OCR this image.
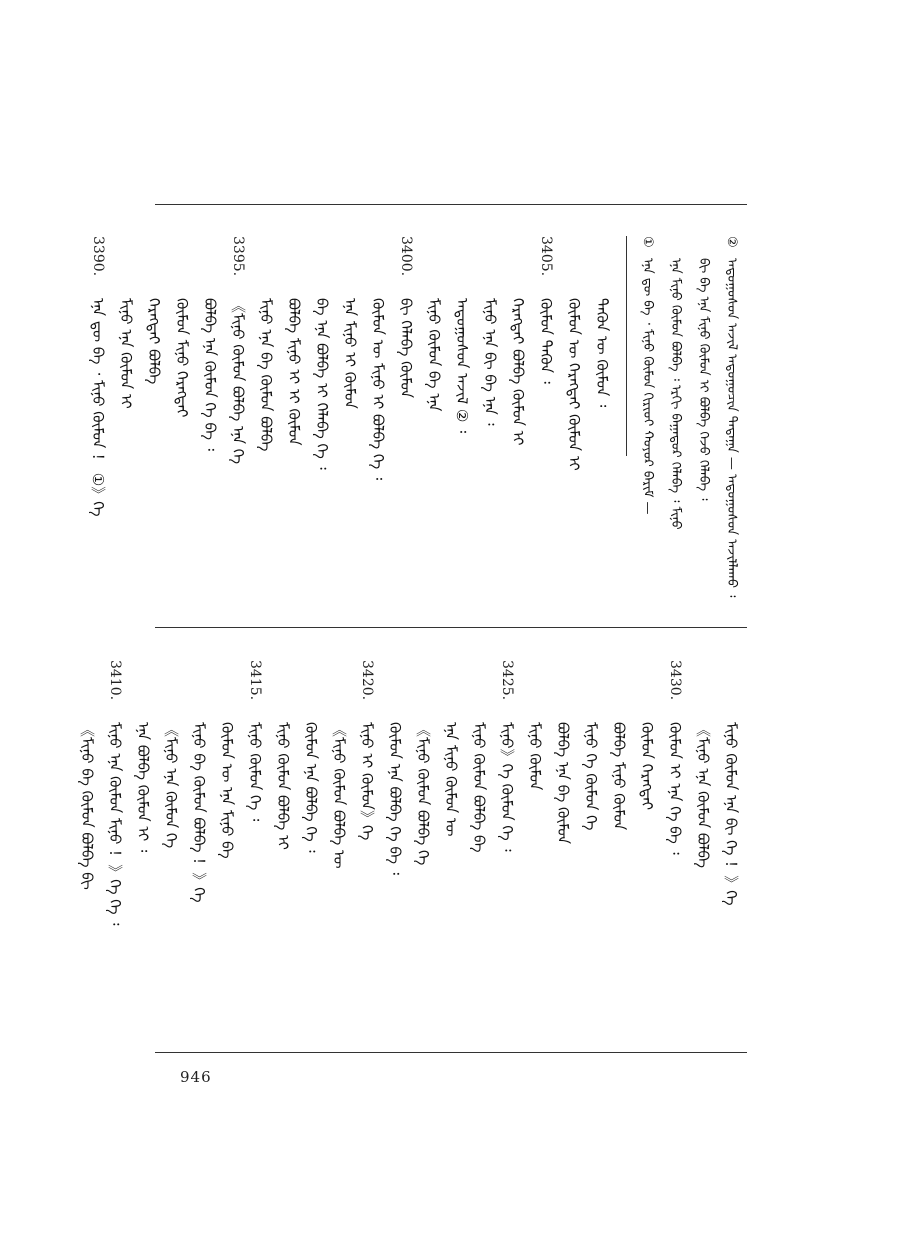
②ᠠᠳᠤᠭᠤᠰᠤᠨ ᠠᠵᠢᠯ ᠠᠳᠤᠭᠤᠴᠢᠨ ᠲᠠᠲᠠᠭᠠ — ᠠᠳᠤᠭᠤᠰᠤᠨ ᠠᠵᠢᠯᠯᠠᠬᠤ ᠄
ᠪᠢ ᠪᠡ ᠡᠨᠡ ᠮᠢᠨᠤ ᠬᠦᠮᠦᠨ ᠢ ᠪᠣᠯᠪᠠ ᠭᠡᠵᠦ ᠬᠡᠯᠡᠪᠡ ᠄
ᠡᠨᠡ ᠮᠢᠨᠤ ᠬᠦᠮᠦᠨ ᠪᠣᠯᠪᠠ ᠄ ᠡᠷᠬᠢ ᠪᠠᠭᠠᠲᠤᠷ ᠬᠡᠯᠡᠪᠡ ᠄ ᠮᠢᠨᠤ
①ᠡᠨᠡ ᠳᠦ ᠪᠠ ᠂ ᠮᠢᠨᠤ ᠬᠦᠮᠦᠨ ᠬᠢᠷᠢᠦᠢ ᠬᠤᠶᠤᠷ ᠪᠠᠷᠢᠮ —
ᠲᠡᠭᠦᠨ ᠦ ᠬᠦᠮᠦᠨ ᠄
ᠬᠦᠮᠦᠨ ᠦ ᠬᠡᠷᠡᠭᠲᠡᠢ ᠬᠦᠮᠦᠨ ᠢ
3405.
ᠬᠦᠮᠦᠨ ᠲᠡᠭᠦᠨ ᠄
ᠬᠡᠷᠡᠭᠲᠡᠢ ᠪᠣᠯᠪᠠ ᠬᠦᠮᠦᠨ ᠢ
ᠮᠢᠨᠤ ᠡᠨᠡ ᠪᠢ ᠪᠠ ᠡᠨᠡ ᠄
ᠠᠳᠤᠭᠤᠰᠤᠨ ᠠᠵᠢᠯ ② ᠄
ᠮᠢᠨᠤ ᠬᠦᠮᠦᠨ ᠪᠠ ᠡᠨᠡ
3400.
ᠪᠢ ᠬᠡᠯᠡᠪᠡ ᠬᠦᠮᠦᠨ
ᠬᠦᠮᠦᠨ ᠦ ᠮᠢᠨᠤ ᠢ ᠪᠣᠯᠪᠠ ᠭᠡ ᠄
ᠡᠨᠡ ᠮᠢᠨᠤ ᠢ ᠬᠦᠮᠦᠨ
ᠪᠠ ᠡᠨᠡ ᠪᠣᠯᠪᠠ ᠢ ᠬᠡᠯᠡᠪᠡ ᠭᠡ ᠄
ᠪᠣᠯᠪᠠ ᠮᠢᠨᠤ ᠢ ᠢ ᠬᠦᠮᠦᠨ
ᠮᠢᠨᠤ ᠡᠨᠡ ᠪᠠ ᠬᠦᠮᠦᠨ ᠪᠣᠯᠪᠠ
3395.
《ᠮᠢᠨᠤ ᠬᠦᠮᠦᠨ ᠪᠣᠯᠪᠠ ᠡᠨᠡ ᠭᠡ
ᠪᠣᠯᠪᠠ ᠡᠨᠡ ᠬᠦᠮᠦᠨ ᠭᠡ ᠪᠠ ᠄
ᠬᠦᠮᠦᠨ ᠮᠢᠨᠤ ᠬᠡᠷᠡᠭᠲᠡᠢ
ᠬᠡᠷᠡᠭᠲᠡᠢ ᠪᠣᠯᠪᠠ
ᠮᠢᠨᠤ ᠡᠨᠡ ᠬᠦᠮᠦᠨ ᠢ
3390.
ᠡᠨᠡ ᠳᠦ ᠪᠠ ᠂ ᠮᠢᠨᠤ ᠬᠦᠮᠦᠨ ！ ①》ᠭᠡ
ᠮᠢᠨᠤ ᠬᠦᠮᠦᠨ ᠡᠨᠡ ᠪᠢ ᠭᠡ ！》ᠭᠡ
《ᠮᠢᠨᠤ ᠡᠨᠡ ᠬᠦᠮᠦᠨ ᠪᠣᠯᠪᠠ
3430.
ᠬᠦᠮᠦᠨ ᠢ ᠡᠨᠡ ᠭᠡ ᠪᠠ ᠄
ᠬᠦᠮᠦᠨ ᠬᠡᠷᠡᠭᠲᠡᠢ
ᠪᠣᠯᠪᠠ ᠮᠢᠨᠤ ᠬᠦᠮᠦᠨ
ᠮᠢᠨᠤ ᠭᠡ ᠬᠦᠮᠦᠨ ᠭᠡ
ᠪᠣᠯᠪᠠ ᠡᠨᠡ ᠪᠠ ᠬᠦᠮᠦᠨ
ᠮᠢᠨᠤ ᠬᠦᠮᠦᠨ
3425.
ᠮᠢᠨᠤ》ᠭᠡ ᠬᠦᠮᠦᠨ ᠭᠡ ᠄
ᠮᠢᠨᠤ ᠬᠦᠮᠦᠨ ᠪᠣᠯᠪᠠ ᠪᠠ
ᠡᠨᠡ ᠮᠢᠨᠤ ᠬᠦᠮᠦᠨ ᠦ
《ᠮᠢᠨᠤ ᠬᠦᠮᠦᠨ ᠪᠣᠯᠪᠠ ᠭᠡ
ᠬᠦᠮᠦᠨ ᠡᠨᠡ ᠪᠣᠯᠪᠠ ᠭᠡ ᠪᠠ ᠄
3420.
ᠮᠢᠨᠤ ᠢ ᠬᠦᠮᠦᠨ》ᠭᠡ
《ᠮᠢᠨᠤ ᠬᠦᠮᠦᠨ ᠪᠣᠯᠪᠠ ᠦ
ᠬᠦᠮᠦᠨ ᠡᠨᠡ ᠪᠣᠯᠪᠠ ᠭᠡ ᠄
ᠮᠢᠨᠤ ᠬᠦᠮᠦᠨ ᠪᠣᠯᠪᠠ ᠢ
3415.
ᠮᠢᠨᠤ ᠬᠦᠮᠦᠨ ᠭᠡ ᠄
ᠬᠦᠮᠦᠨ ᠦ ᠡᠨᠡ ᠮᠢᠨᠤ ᠪᠠ
ᠮᠢᠨᠤ ᠪᠠ ᠬᠦᠮᠦᠨ ᠪᠣᠯᠪᠠ ！》ᠭᠡ
《ᠮᠢᠨᠤ ᠡᠨᠡ ᠬᠦᠮᠦᠨ ᠭᠡ
ᠡᠨᠡ ᠪᠣᠯᠪᠠ ᠬᠦᠮᠦᠨ ᠢ ᠄
3410.
ᠮᠢᠨᠤ ᠡᠨᠡ ᠬᠦᠮᠦᠨ ᠮᠢᠨᠤ ！》ᠭᠡ ᠭᠡ ᠄
《ᠮᠢᠨᠤ ᠪᠠ ᠬᠦᠮᠦᠨ ᠪᠣᠯᠪᠠ ᠪᠢ
946
